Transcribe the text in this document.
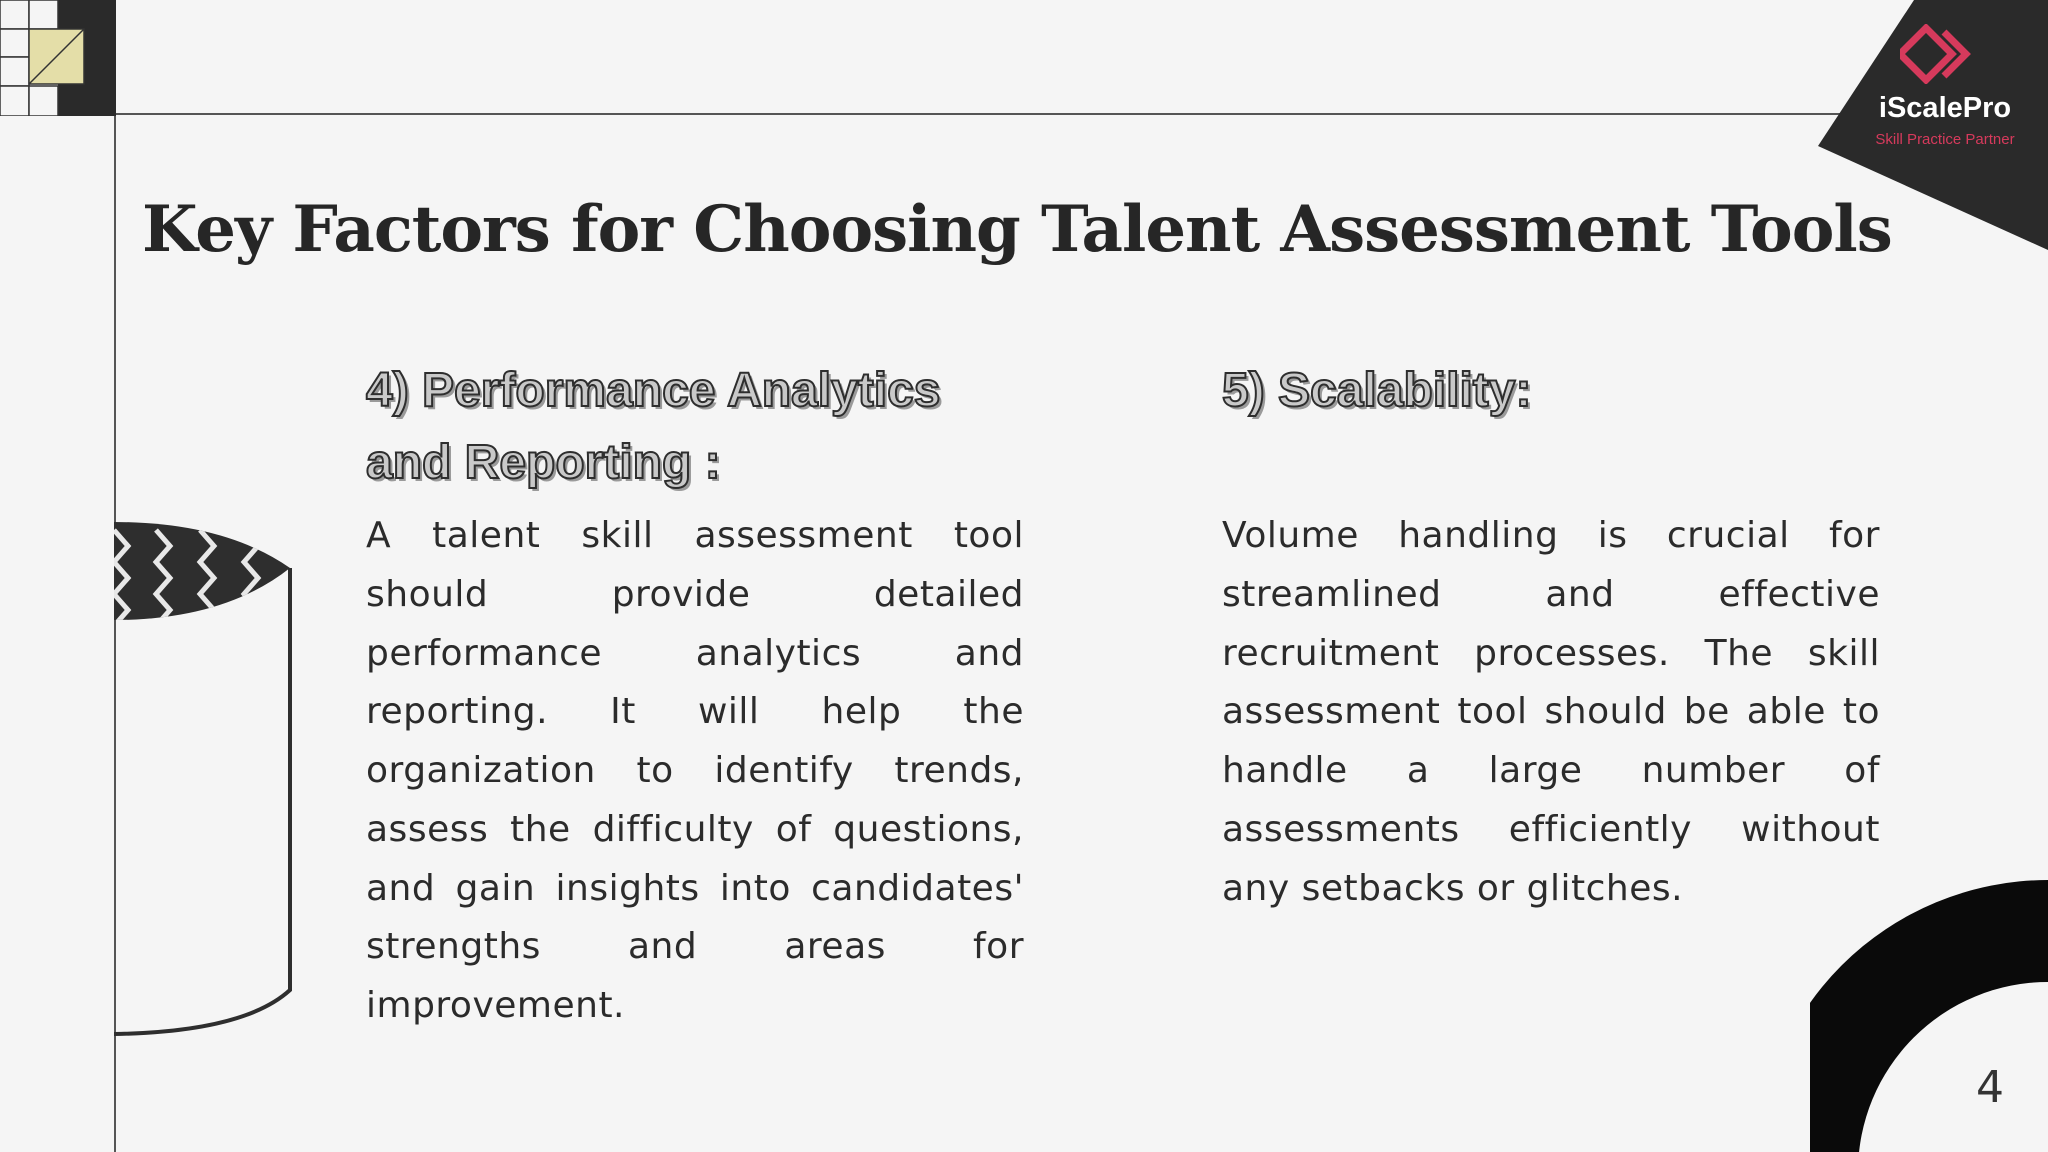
iScalePro
Skill Practice Partner
Key Factors for Choosing Talent Assessment Tools
4) Performance Analytics and Reporting :

A talent skill assessment tool should provide detailed performance analytics and reporting. It will help the organization to identify trends, assess the difficulty of questions, and gain insights into candidates' strengths and areas for improvement.

5) Scalability:

Volume handling is crucial for streamlined and effective recruitment processes. The skill assessment tool should be able to handle a large number of assessments efficiently without any setbacks or glitches.

4
